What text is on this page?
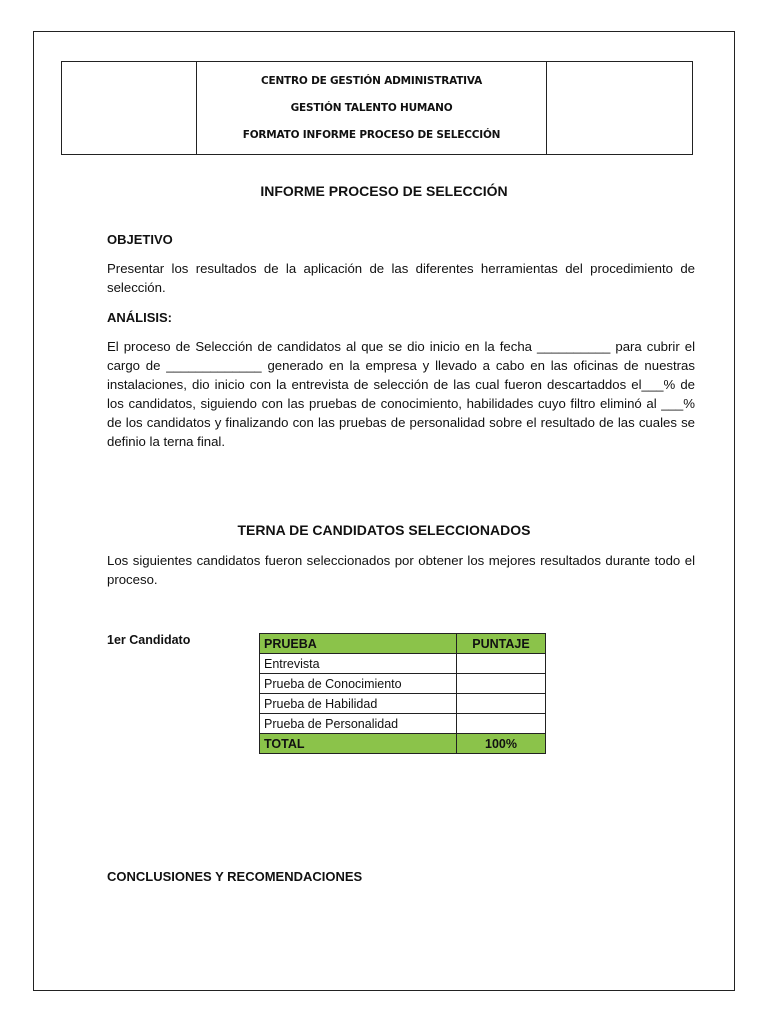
CENTRO DE GESTIÓN ADMINISTRATIVA
GESTIÓN TALENTO HUMANO
FORMATO INFORME PROCESO DE SELECCIÓN

INFORME PROCESO DE SELECCIÓN
OBJETIVO
Presentar los resultados de la aplicación de las diferentes herramientas del procedimiento de selección.
ANÁLISIS:
El proceso de Selección de candidatos al que se dio inicio en la fecha __________ para cubrir el cargo de _____________ generado en la empresa y llevado a cabo en las oficinas de nuestras instalaciones, dio inicio con la entrevista de selección de las cual fueron descartaddos el___% de los candidatos, siguiendo con las pruebas de conocimiento, habilidades cuyo filtro eliminó al ___% de los candidatos y finalizando con las pruebas de personalidad sobre el resultado de las cuales se definio la terna final.
TERNA DE CANDIDATOS SELECCIONADOS
Los siguientes candidatos fueron seleccionados por obtener los mejores resultados durante todo el proceso.
1er Candidato	PRUEBA	PUNTAJE
Entrevista	
Prueba de Conocimiento	
Prueba de Habilidad	
Prueba de Personalidad	
TOTAL	100%
CONCLUSIONES Y RECOMENDACIONES
